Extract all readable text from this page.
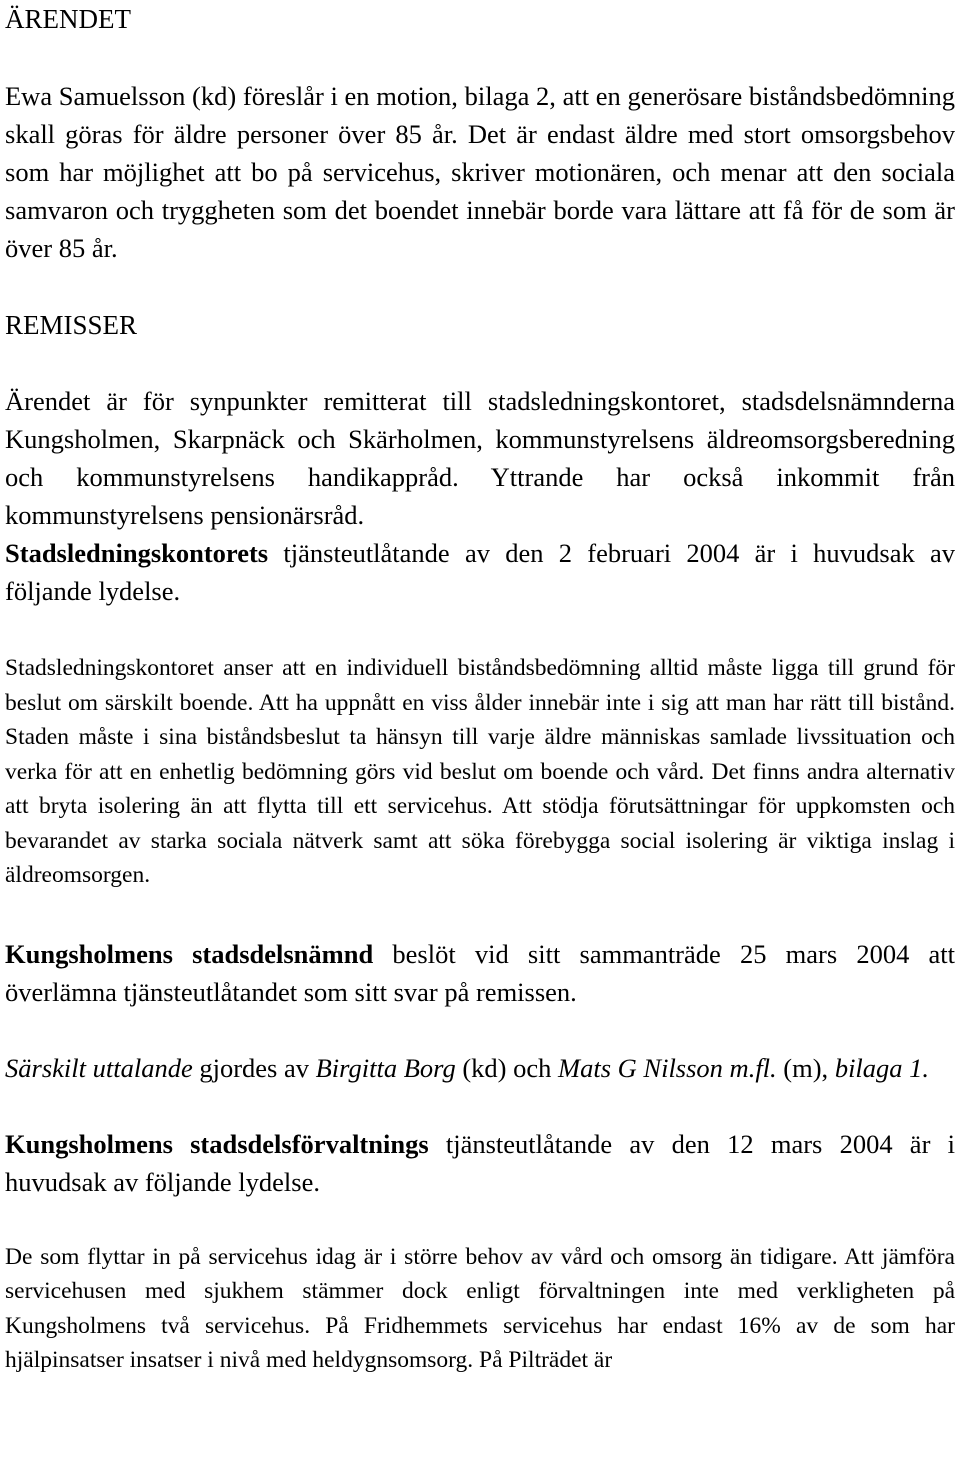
ÄRENDET

Ewa Samuelsson (kd) föreslår i en motion, bilaga 2, att en generösare biståndsbedömning skall göras för äldre personer över 85 år. Det är endast äldre med stort omsorgsbehov som har möjlighet att bo på servicehus, skriver motionären, och menar att den sociala samvaron och tryggheten som det boendet innebär borde vara lättare att få för de som är över 85 år.

REMISSER

Ärendet är för synpunkter remitterat till stadsledningskontoret, stadsdelsnämnderna Kungsholmen, Skarpnäck och Skärholmen, kommunstyrelsens äldreomsorgsberedning och kommunstyrelsens handikappråd. Yttrande har också inkommit från kommunstyrelsens pensionärsråd.

Stadsledningskontorets tjänsteutlåtande av den 2 februari 2004 är i huvudsak av följande lydelse.

Stadsledningskontoret anser att en individuell biståndsbedömning alltid måste ligga till grund för beslut om särskilt boende. Att ha uppnått en viss ålder innebär inte i sig att man har rätt till bistånd. Staden måste i sina biståndsbeslut ta hänsyn till varje äldre människas samlade livssituation och verka för att en enhetlig bedömning görs vid beslut om boende och vård. Det finns andra alternativ att bryta isolering än att flytta till ett servicehus. Att stödja förutsättningar för uppkomsten och bevarandet av starka sociala nätverk samt att söka förebygga social isolering är viktiga inslag i äldreomsorgen.

Kungsholmens stadsdelsnämnd beslöt vid sitt sammanträde 25 mars 2004 att överlämna tjänsteutlåtandet som sitt svar på remissen.

Särskilt uttalande gjordes av Birgitta Borg (kd) och Mats G Nilsson m.fl. (m), bilaga 1.

Kungsholmens stadsdelsförvaltnings tjänsteutlåtande av den 12 mars 2004 är i huvudsak av följande lydelse.

De som flyttar in på servicehus idag är i större behov av vård och omsorg än tidigare. Att jämföra servicehusen med sjukhem stämmer dock enligt förvaltningen inte med verkligheten på Kungsholmens två servicehus. På Fridhemmets servicehus har endast 16% av de som har hjälpinsatser insatser i nivå med heldygnsomsorg. På Pilträdet är
